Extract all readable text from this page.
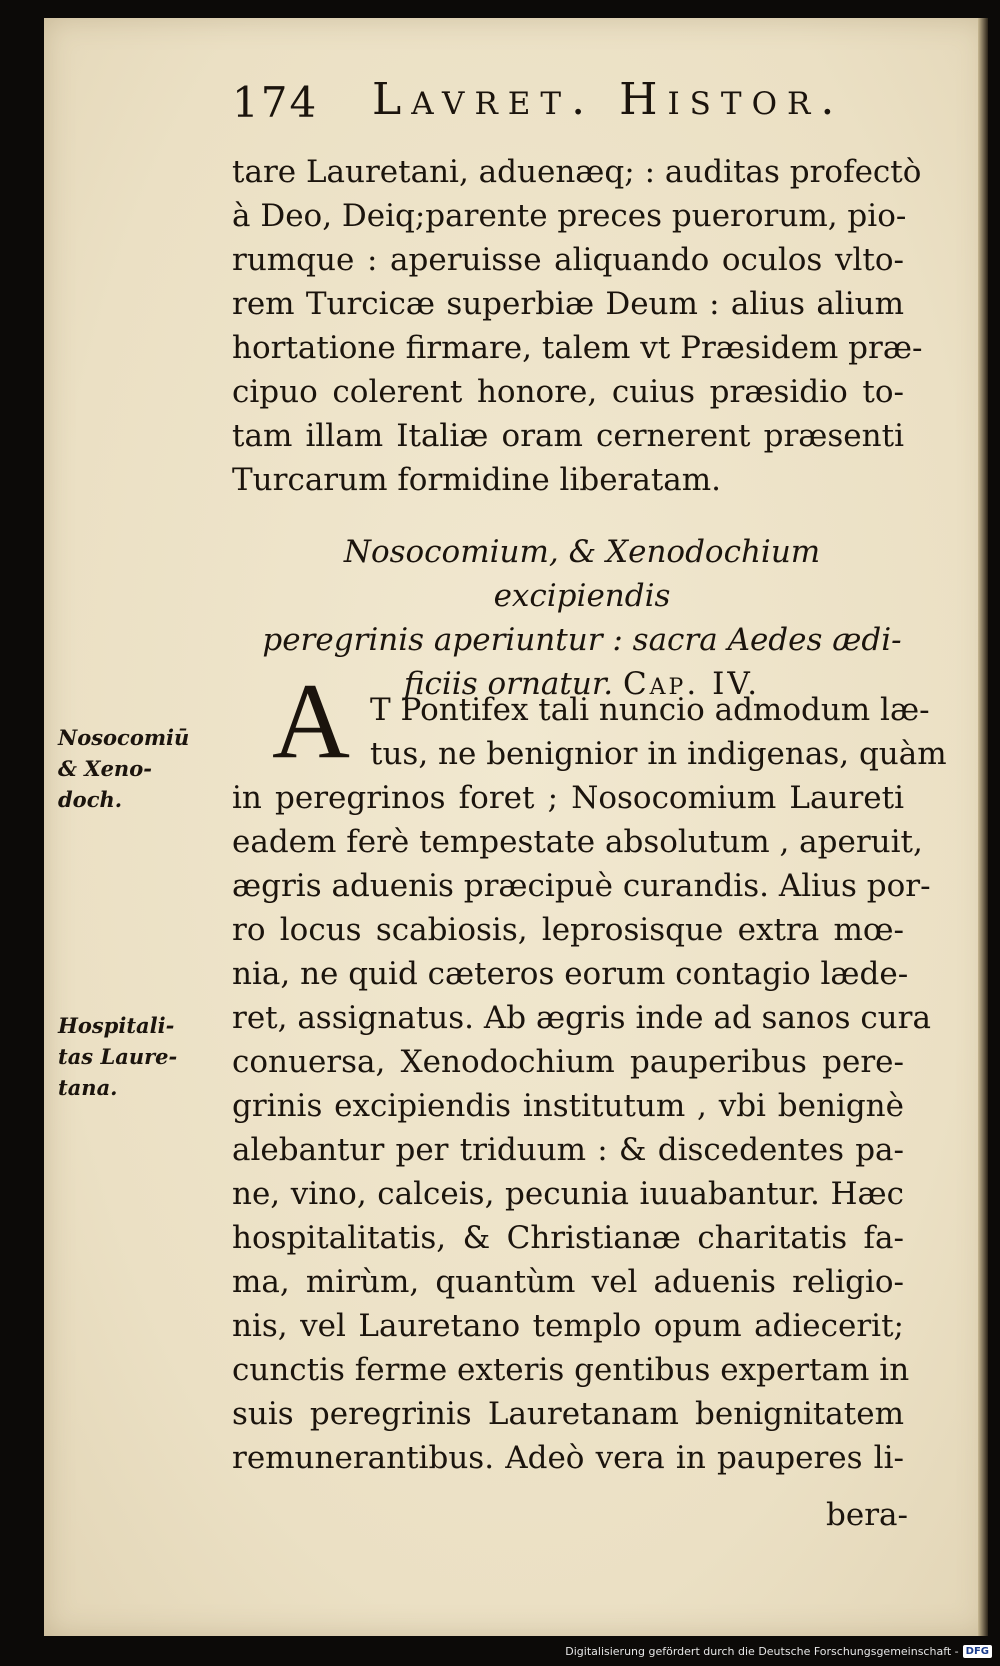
174 Lavret. Histor.
tare Lauretani, aduenæq; : auditas profectò
à Deo, Deiq;parente preces puerorum, pio-
rumque : aperuisse aliquando oculos vlto-
rem Turcicæ superbiæ Deum : alius alium
hortatione firmare, talem vt Præsidem præ-
cipuo colerent honore, cuius præsidio to-
tam illam Italiæ oram cernerent præsenti
Turcarum formidine liberatam.
Nosocomium, & Xenodochium excipiendis
peregrinis aperiuntur : sacra Aedes ædi-
ficiis ornatur. Cap. IV.
A T Pontifex tali nuncio admodum læ-
tus, ne benignior in indigenas, quàm
in peregrinos foret ; Nosocomium Laureti
eadem ferè tempestate absolutum , aperuit,
ægris aduenis præcipuè curandis. Alius por-
ro locus scabiosis, leprosisque extra mœ-
nia, ne quid cæteros eorum contagio læde-
ret, assignatus. Ab ægris inde ad sanos cura
conuersa, Xenodochium pauperibus pere-
grinis excipiendis institutum , vbi benignè
alebantur per triduum : & discedentes pa-
ne, vino, calceis, pecunia iuuabantur. Hæc
hospitalitatis, & Christianæ charitatis fa-
ma, mirùm, quantùm vel aduenis religio-
nis, vel Lauretano templo opum adiecerit;
cunctis ferme exteris gentibus expertam in
suis peregrinis Lauretanam benignitatem
remunerantibus. Adeò vera in pauperes li-
Nosocomiū
& Xeno-
doch.
Hospitali-
tas Laure-
tana.
bera-
Digitalisierung gefördert durch die Deutsche Forschungsgemeinschaft - DFG
